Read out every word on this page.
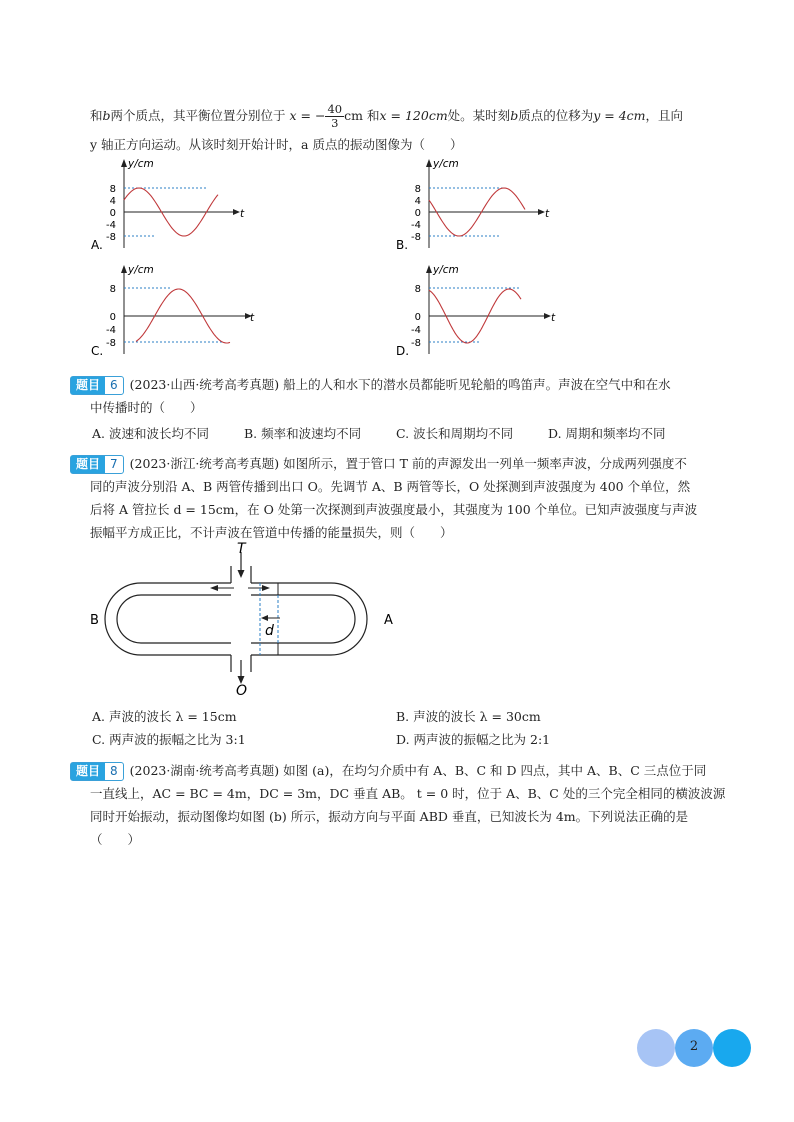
和b两个质点，其平衡位置分别位于 x = − $\frac{40}{3}$ cm 和x = 120cm处。某时刻b质点的位移为y = 4cm，且向
y 轴正方向运动。从该时刻开始计时，a 质点的振动图像为（　　）
y/cm
t
8
4
0
-4
-8
A.
y/cm
t
8
4
0
-4
-8
B.
y/cm
t
8
0
-4
-8
C.
y/cm
t
8
0
-4
-8
D.
题目 6 (2023·山西·统考高考真题) 船上的人和水下的潜水员都能听见轮船的鸣笛声。声波在空气中和在水
中传播时的（　　）
A. 波速和波长均不同	B. 频率和波速均不同	C. 波长和周期均不同	D. 周期和频率均不同
题目 7 (2023·浙江·统考高考真题) 如图所示，置于管口 T 前的声源发出一列单一频率声波，分成两列强度不
同的声波分别沿 A、B 两管传播到出口 O。先调节 A、B 两管等长，O 处探测到声波强度为 400 个单位，然
后将 A 管拉长 d = 15cm，在 O 处第一次探测到声波强度最小，其强度为 100 个单位。已知声波强度与声波
振幅平方成正比，不计声波在管道中传播的能量损失，则（　　）
T
O
A
B
d
A. 声波的波长 λ = 15cm	B. 声波的波长 λ = 30cm
C. 两声波的振幅之比为 3:1	D. 两声波的振幅之比为 2:1
题目 8 (2023·湖南·统考高考真题) 如图 (a)，在均匀介质中有 A、B、C 和 D 四点，其中 A、B、C 三点位于同
一直线上，AC = BC = 4m，DC = 3m，DC 垂直 AB。 t = 0 时，位于 A、B、C 处的三个完全相同的横波波源
同时开始振动，振动图像均如图 (b) 所示，振动方向与平面 ABD 垂直，已知波长为 4m。下列说法正确的是
（　　）
2
